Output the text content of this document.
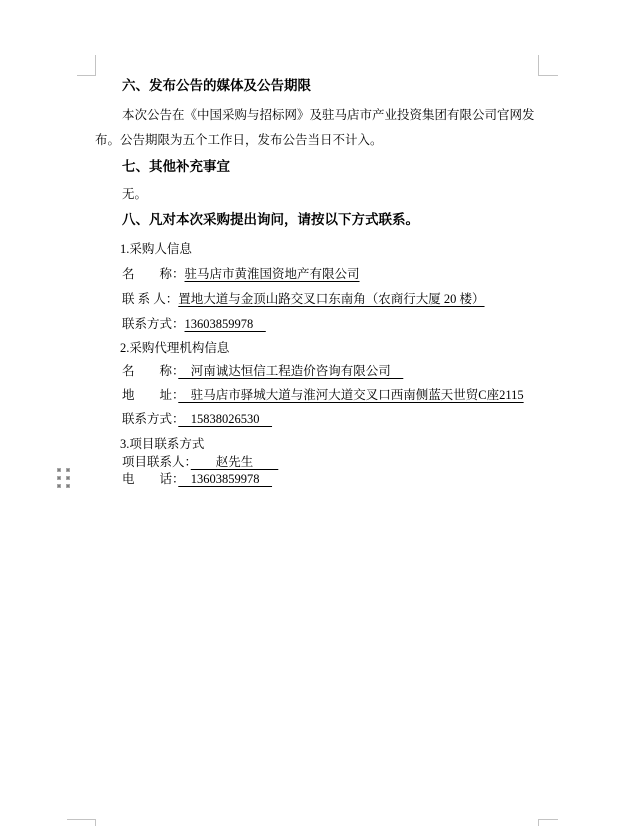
六、发布公告的媒体及公告期限
本次公告在《中国采购与招标网》及驻马店市产业投资集团有限公司官网发
布。公告期限为五个工作日，发布公告当日不计入。
七、其他补充事宜
无。
八、凡对本次采购提出询问，请按以下方式联系。
1.采购人信息
名　　称：驻马店市黄淮国资地产有限公司
联 系 人：置地大道与金顶山路交叉口东南角（农商行大厦 20 楼）
联系方式：13603859978　
2.采购代理机构信息
名　　称：　河南诚达恒信工程造价咨询有限公司　
地　　址：　驻马店市驿城大道与淮河大道交叉口西南侧蓝天世贸C座2115
联系方式：　15838026530　
3.项目联系方式
项目联系人：　　赵先生　　
电　　话：　13603859978　
